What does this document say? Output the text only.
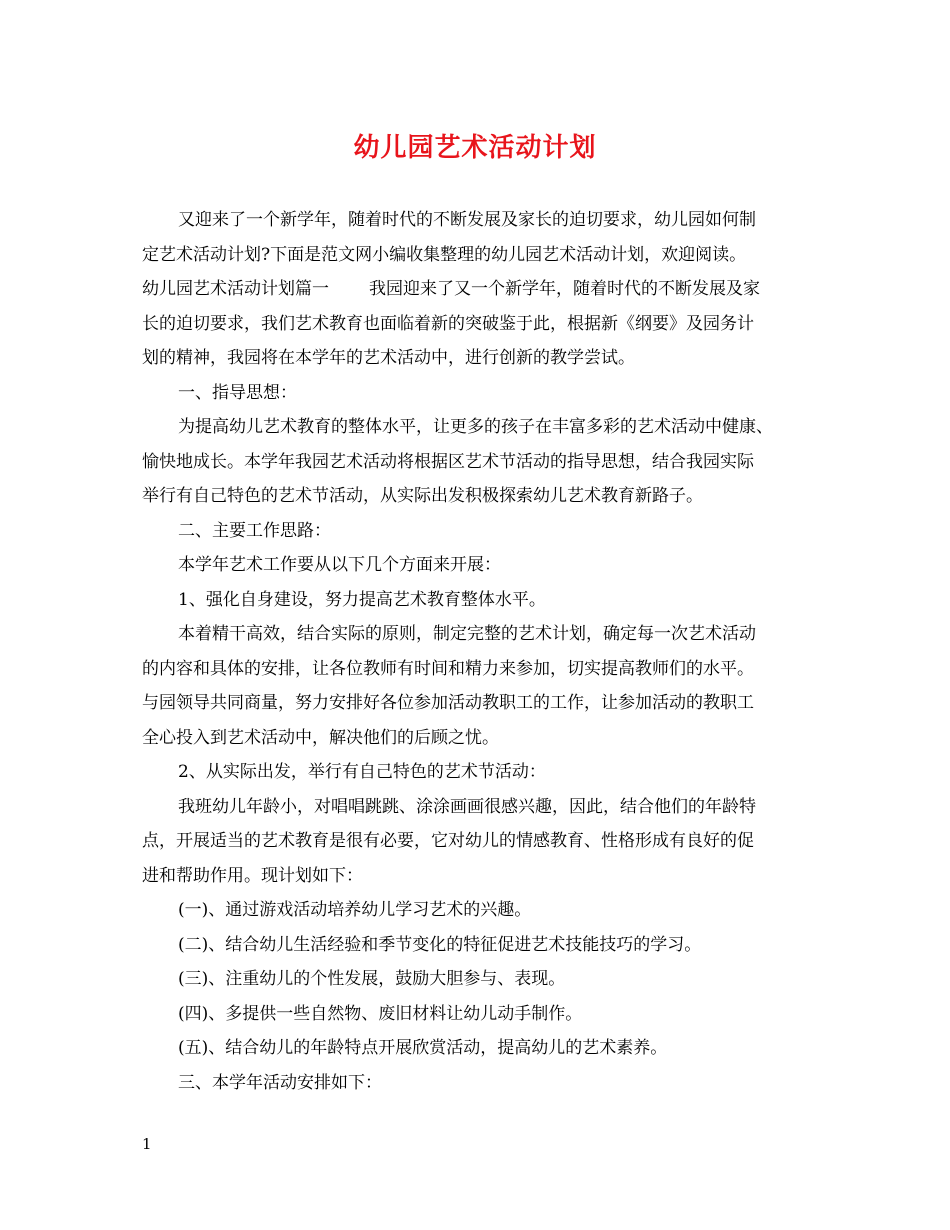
幼儿园艺术活动计划
又迎来了一个新学年，随着时代的不断发展及家长的迫切要求，幼儿园如何制
定艺术活动计划?下面是范文网小编收集整理的幼儿园艺术活动计划，欢迎阅读。
幼儿园艺术活动计划篇一 我园迎来了又一个新学年，随着时代的不断发展及家
长的迫切要求，我们艺术教育也面临着新的突破鉴于此，根据新《纲要》及园务计
划的精神，我园将在本学年的艺术活动中，进行创新的教学尝试。
一、指导思想：
为提高幼儿艺术教育的整体水平，让更多的孩子在丰富多彩的艺术活动中健康、
愉快地成长。本学年我园艺术活动将根据区艺术节活动的指导思想，结合我园实际
举行有自己特色的艺术节活动，从实际出发积极探索幼儿艺术教育新路子。
二、主要工作思路：
本学年艺术工作要从以下几个方面来开展：
1、强化自身建设，努力提高艺术教育整体水平。
本着精干高效，结合实际的原则，制定完整的艺术计划，确定每一次艺术活动
的内容和具体的安排，让各位教师有时间和精力来参加，切实提高教师们的水平。
与园领导共同商量，努力安排好各位参加活动教职工的工作，让参加活动的教职工
全心投入到艺术活动中，解决他们的后顾之忧。
2、从实际出发，举行有自己特色的艺术节活动：
我班幼儿年龄小，对唱唱跳跳、涂涂画画很感兴趣，因此，结合他们的年龄特
点，开展适当的艺术教育是很有必要，它对幼儿的情感教育、性格形成有良好的促
进和帮助作用。现计划如下：
(一)、通过游戏活动培养幼儿学习艺术的兴趣。
(二)、结合幼儿生活经验和季节变化的特征促进艺术技能技巧的学习。
(三)、注重幼儿的个性发展，鼓励大胆参与、表现。
(四)、多提供一些自然物、废旧材料让幼儿动手制作。
(五)、结合幼儿的年龄特点开展欣赏活动，提高幼儿的艺术素养。
三、本学年活动安排如下：
1
